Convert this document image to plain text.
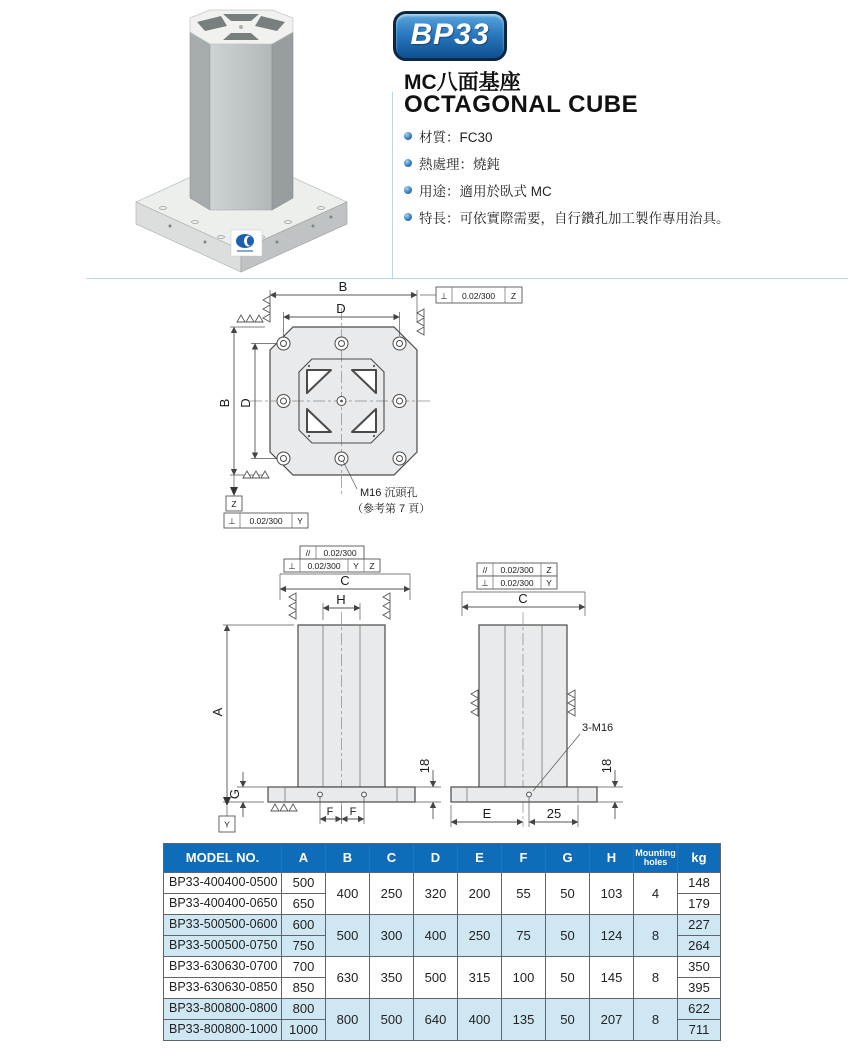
BP33
MC八面基座
OCTAGONAL CUBE
材質：FC30
熱處理：燒鈍
用途：適用於臥式 MC
特長：可依實際需要，自行鑽孔加工製作專用治具。
B
D
B D
Z
⊥ 0.02/300 Y
⊥ 0.02/300 Z
M16 沉頭孔
（參考第 7 頁）
// 0.02/300
⊥ 0.02/300 Y Z
C
H
A
Y
G
18
F F
// 0.02/300 Z
⊥ 0.02/300 Y
C
3-M16
18
E	25
MODEL NO.	A	B	C	D	E	F	G	H	Mounting holes	kg
BP33-400400-0500	500	400	250	320	200	55	50	103	4	148
BP33-400400-0650	650									179
BP33-500500-0600	600	500	300	400	250	75	50	124	8	227
BP33-500500-0750	750									264
BP33-630630-0700	700	630	350	500	315	100	50	145	8	350
BP33-630630-0850	850									395
BP33-800800-0800	800	800	500	640	400	135	50	207	8	622
BP33-800800-1000	1000									711
